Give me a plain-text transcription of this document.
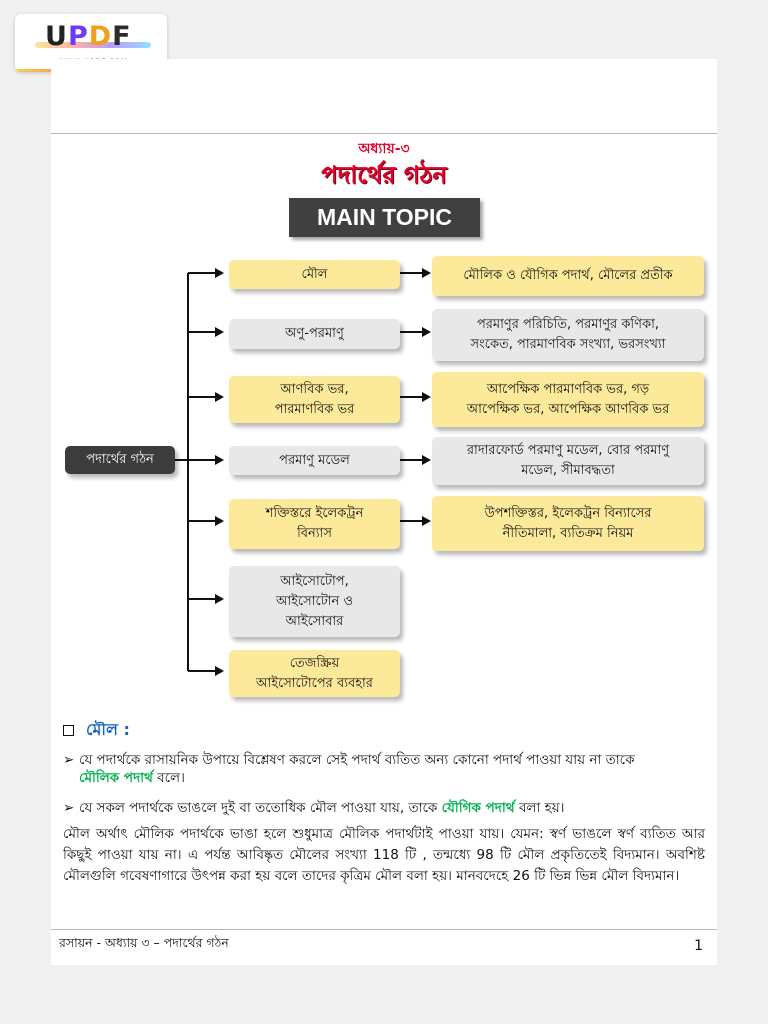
UPDF
অধ্যায়-৩
পদার্থের গঠন
MAIN TOPIC
পদার্থের গঠন
মৌল
অণু-পরমাণু
আণবিক ভর,
পারমাণবিক ভর
পরমাণু মডেল
শক্তিস্তরে ইলেকট্রন
বিন্যাস
আইসোটোপ,
আইসোটোন ও
আইসোবার
তেজস্ক্রিয়
আইসোটোপের ব্যবহার
মৌলিক ও যৌগিক পদার্থ, মৌলের প্রতীক
পরমাণুর পরিচিতি, পরমাণুর কণিকা,
সংকেত, পারমাণবিক সংখ্যা, ভরসংখ্যা
আপেক্ষিক পারমাণবিক ভর, গড়
আপেক্ষিক ভর, আপেক্ষিক আণবিক ভর
রাদারফোর্ড পরমাণু মডেল, বোর পরমাণু
মডেল, সীমাবদ্ধতা
উপশক্তিস্তর, ইলেকট্রন বিন্যাসের
নীতিমালা, ব্যতিক্রম নিয়ম
মৌল :
➢ যে পদার্থকে রাসায়নিক উপায়ে বিশ্লেষণ করলে সেই পদার্থ ব্যতিত অন্য কোনো পদার্থ পাওয়া যায় না তাকে
মৌলিক পদার্থ বলে।
➢ যে সকল পদার্থকে ভাঙলে দুই বা ততোধিক মৌল পাওয়া যায়, তাকে যৌগিক পদার্থ বলা হয়।
মৌল অর্থাৎ মৌলিক পদার্থকে ভাঙা হলে শুধুমাত্র মৌলিক পদার্থটাই পাওয়া যায়। যেমন: স্বর্ণ ভাঙলে স্বর্ণ ব্যতিত আর কিছুই পাওয়া যায় না। এ পর্যন্ত আবিষ্কৃত মৌলের সংখ্যা 118 টি , তন্মধ্যে 98 টি মৌল প্রকৃতিতেই বিদ্যমান। অবশিষ্ট মৌলগুলি গবেষণাগারে উৎপন্ন করা হয় বলে তাদের কৃত্রিম মৌল বলা হয়। মানবদেহে 26 টি ভিন্ন ভিন্ন মৌল বিদ্যমান।
রসায়ন - অধ্যায় ৩ – পদার্থের গঠন	1
